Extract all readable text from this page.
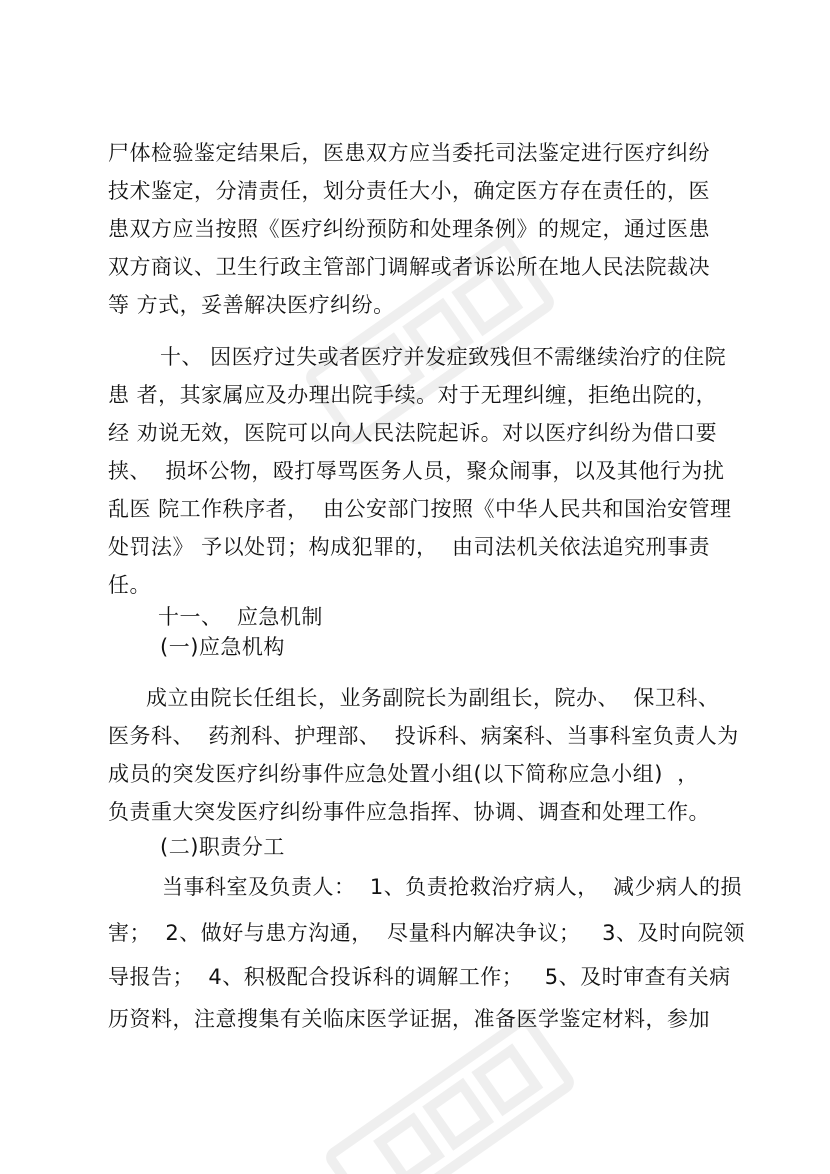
尸体检验鉴定结果后，医患双方应当委托司法鉴定进行医疗纠纷
技术鉴定，分清责任，划分责任大小，确定医方存在责任的，医
患双方应当按照《医疗纠纷预防和处理条例》的规定，通过医患
双方商议、卫生行政主管部门调解或者诉讼所在地人民法院裁决
等 方式，妥善解决医疗纠纷。
十、 因医疗过失或者医疗并发症致残但不需继续治疗的住院
患 者，其家属应及办理出院手续。对于无理纠缠，拒绝出院的，
经 劝说无效，医院可以向人民法院起诉。对以医疗纠纷为借口要
挟、  损坏公物，殴打辱骂医务人员，聚众闹事，以及其他行为扰
乱医 院工作秩序者，  由公安部门按照《中华人民共和国治安管理
处罚法》 予以处罚；构成犯罪的，  由司法机关依法追究刑事责
任。
十一、  应急机制
(一)应急机构
成立由院长任组长，业务副院长为副组长，院办、  保卫科、
医务科、  药剂科、护理部、  投诉科、病案科、当事科室负责人为
成员的突发医疗纠纷事件应急处置小组(以下简称应急小组)  ，
负责重大突发医疗纠纷事件应急指挥、协调、调查和处理工作。
(二)职责分工
当事科室及负责人：  1、负责抢救治疗病人，  减少病人的损
害；  2、做好与患方沟通，  尽量科内解决争议；   3、及时向院领
导报告；  4、积极配合投诉科的调解工作；   5、及时审查有关病
历资料，注意搜集有关临床医学证据，准备医学鉴定材料，参加
